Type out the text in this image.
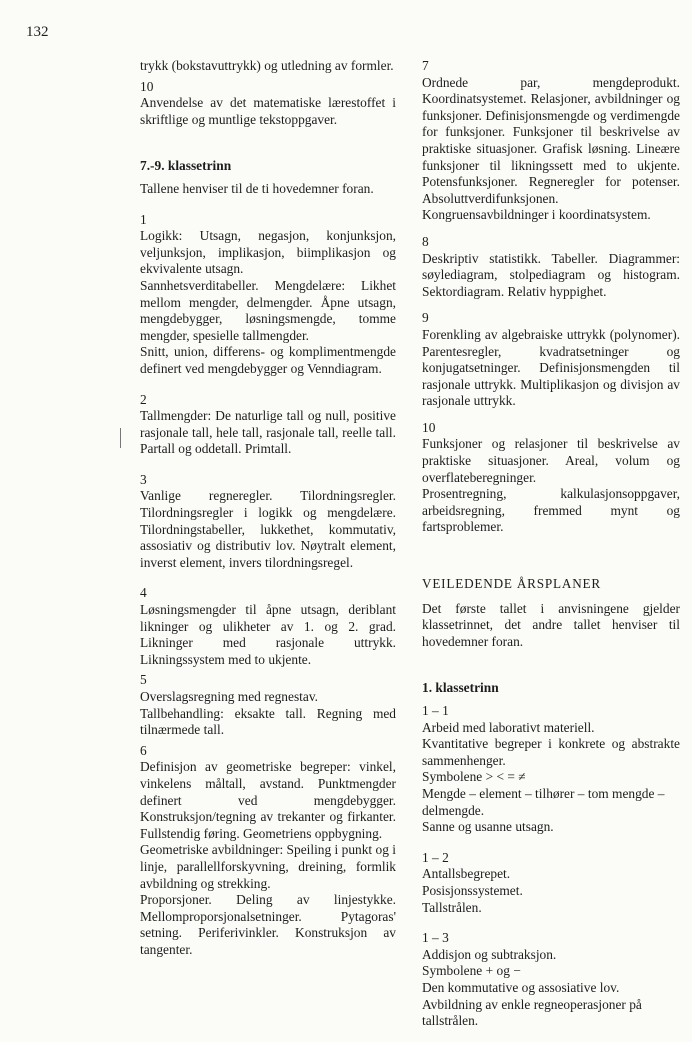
132

trykk (bokstavuttrykk) og utledning av formler.

10

Anvendelse av det matematiske lærestoffet i skriftlige og muntlige tekstoppgaver.

7.-9. klassetrinn

Tallene henviser til de ti hovedemner foran.

1

Logikk: Utsagn, negasjon, konjunksjon, veljunksjon, implikasjon, biimplikasjon og ekvivalente utsagn.

Sannhetsverditabeller. Mengdelære: Likhet mellom mengder, delmengder. Åpne utsagn, mengdebygger, løsningsmengde, tomme mengder, spesielle tallmengder.

Snitt, union, differens- og komplimentmengde definert ved mengdebygger og Venndiagram.

2

Tallmengder: De naturlige tall og null, positive rasjonale tall, hele tall, rasjonale tall, reelle tall. Partall og oddetall. Primtall.

3

Vanlige regneregler. Tilordningsregler. Tilordningsregler i logikk og mengdelære. Tilordningstabeller, lukkethet, kommutativ, assosiativ og distributiv lov. Nøytralt element, inverst element, invers tilordningsregel.

4

Løsningsmengder til åpne utsagn, deriblant likninger og ulikheter av 1. og 2. grad. Likninger med rasjonale uttrykk. Likningssystem med to ukjente.

5

Overslagsregning med regnestav.

Tallbehandling: eksakte tall. Regning med tilnærmede tall.

6

Definisjon av geometriske begreper: vinkel, vinkelens måltall, avstand. Punktmengder definert ved mengdebygger. Konstruksjon/tegning av trekanter og firkanter. Fullstendig føring. Geometriens oppbygning.

Geometriske avbildninger: Speiling i punkt og i linje, parallellforskyvning, dreining, formlik avbildning og strekking.

Proporsjoner. Deling av linjestykke. Mellomproporsjonalsetninger. Pytagoras' setning. Periferivinkler. Konstruksjon av tangenter.

7

Ordnede par, mengdeprodukt. Koordinatsystemet. Relasjoner, avbildninger og funksjoner. Definisjonsmengde og verdimengde for funksjoner. Funksjoner til beskrivelse av praktiske situasjoner. Grafisk løsning. Lineære funksjoner til likningssett med to ukjente. Potensfunksjoner. Regneregler for potenser. Absoluttverdifunksjonen. Kongruensavbildninger i koordinatsystem.

8

Deskriptiv statistikk. Tabeller. Diagrammer: søylediagram, stolpediagram og histogram. Sektordiagram. Relativ hyppighet.

9

Forenkling av algebraiske uttrykk (polynomer). Parentesregler, kvadratsetninger og konjugatsetninger. Definisjonsmengden til rasjonale uttrykk. Multiplikasjon og divisjon av rasjonale uttrykk.

10

Funksjoner og relasjoner til beskrivelse av praktiske situasjoner. Areal, volum og overflateberegninger.

Prosentregning, kalkulasjonsoppgaver, arbeidsregning, fremmed mynt og fartsproblemer.

VEILEDENDE ÅRSPLANER

Det første tallet i anvisningene gjelder klassetrinnet, det andre tallet henviser til hovedemner foran.

1. klassetrinn

1 – 1

Arbeid med laborativt materiell.

Kvantitative begreper i konkrete og abstrakte sammenhenger.

Symbolene > < = ≠

Mengde – element – tilhører – tom mengde – delmengde.

Sanne og usanne utsagn.

1 – 2

Antallsbegrepet.

Posisjonssystemet.

Tallstrålen.

1 – 3

Addisjon og subtraksjon.

Symbolene + og −

Den kommutative og assosiative lov. Avbildning av enkle regneoperasjoner på tallstrålen.
